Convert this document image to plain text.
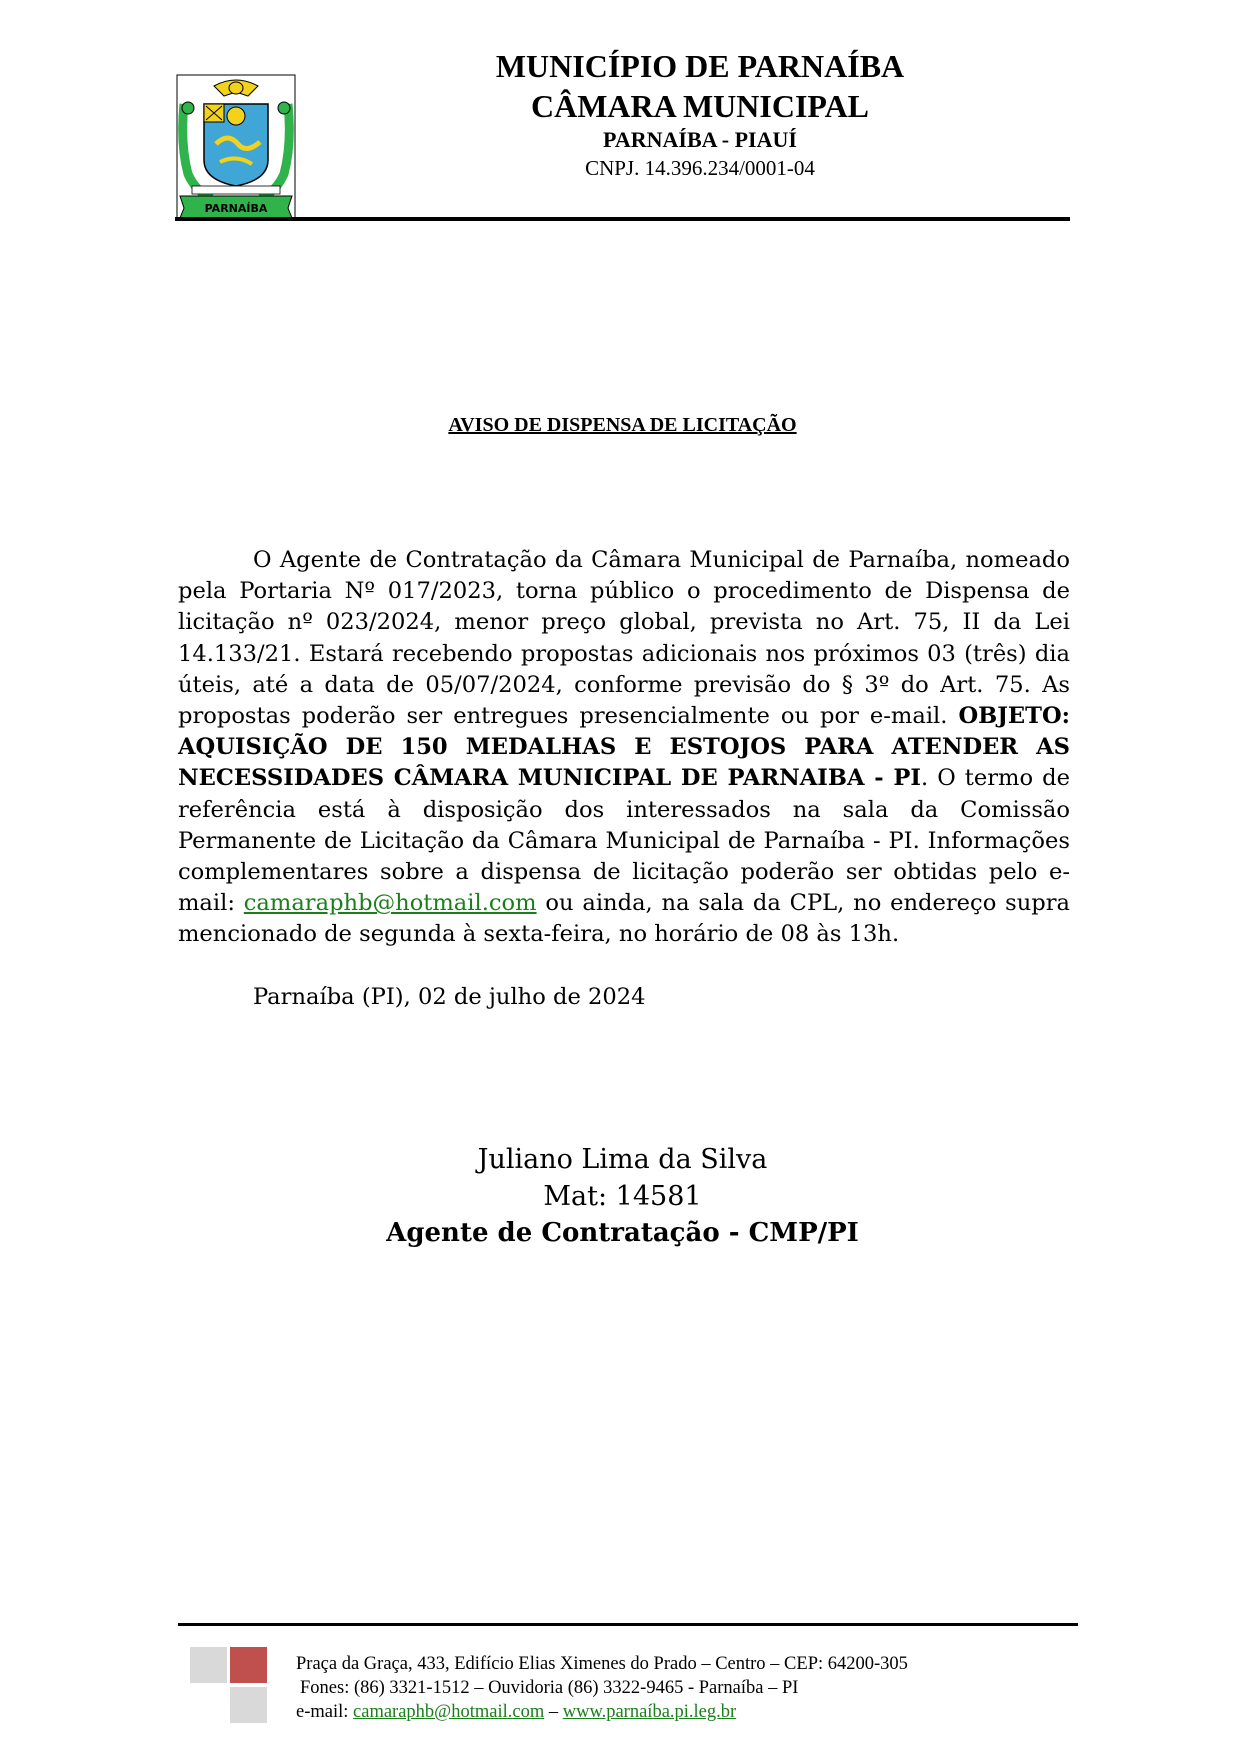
PARNAÍBA
MUNICÍPIO DE PARNAÍBA
CÂMARA MUNICIPAL
PARNAÍBA - PIAUÍ
CNPJ. 14.396.234/0001-04
AVISO DE DISPENSA DE LICITAÇÃO

O Agente de Contratação da Câmara Municipal de Parnaíba, nomeado pela Portaria Nº 017/2023, torna público o procedimento de Dispensa de licitação nº 023/2024, menor preço global, prevista no Art. 75, II da Lei 14.133/21. Estará recebendo propostas adicionais nos próximos 03 (três) dia úteis, até a data de 05/07/2024, conforme previsão do § 3º do Art. 75. As propostas poderão ser entregues presencialmente ou por e-mail. OBJETO: AQUISIÇÃO DE 150 MEDALHAS E ESTOJOS PARA ATENDER AS NECESSIDADES CÂMARA MUNICIPAL DE PARNAIBA - PI. O termo de referência está à disposição dos interessados na sala da Comissão Permanente de Licitação da Câmara Municipal de Parnaíba - PI. Informações complementares sobre a dispensa de licitação poderão ser obtidas pelo e-mail: camaraphb@hotmail.com ou ainda, na sala da CPL, no endereço supra mencionado de segunda à sexta-feira, no horário de 08 às 13h.

Parnaíba (PI), 02 de julho de 2024
Juliano Lima da Silva
Mat: 14581
Agente de Contratação - CMP/PI
Praça da Graça, 433, Edifício Elias Ximenes do Prado – Centro – CEP: 64200-305
Fones: (86) 3321-1512 – Ouvidoria (86) 3322-9465 - Parnaíba – PI
e-mail: camaraphb@hotmail.com – www.parnaíba.pi.leg.br
